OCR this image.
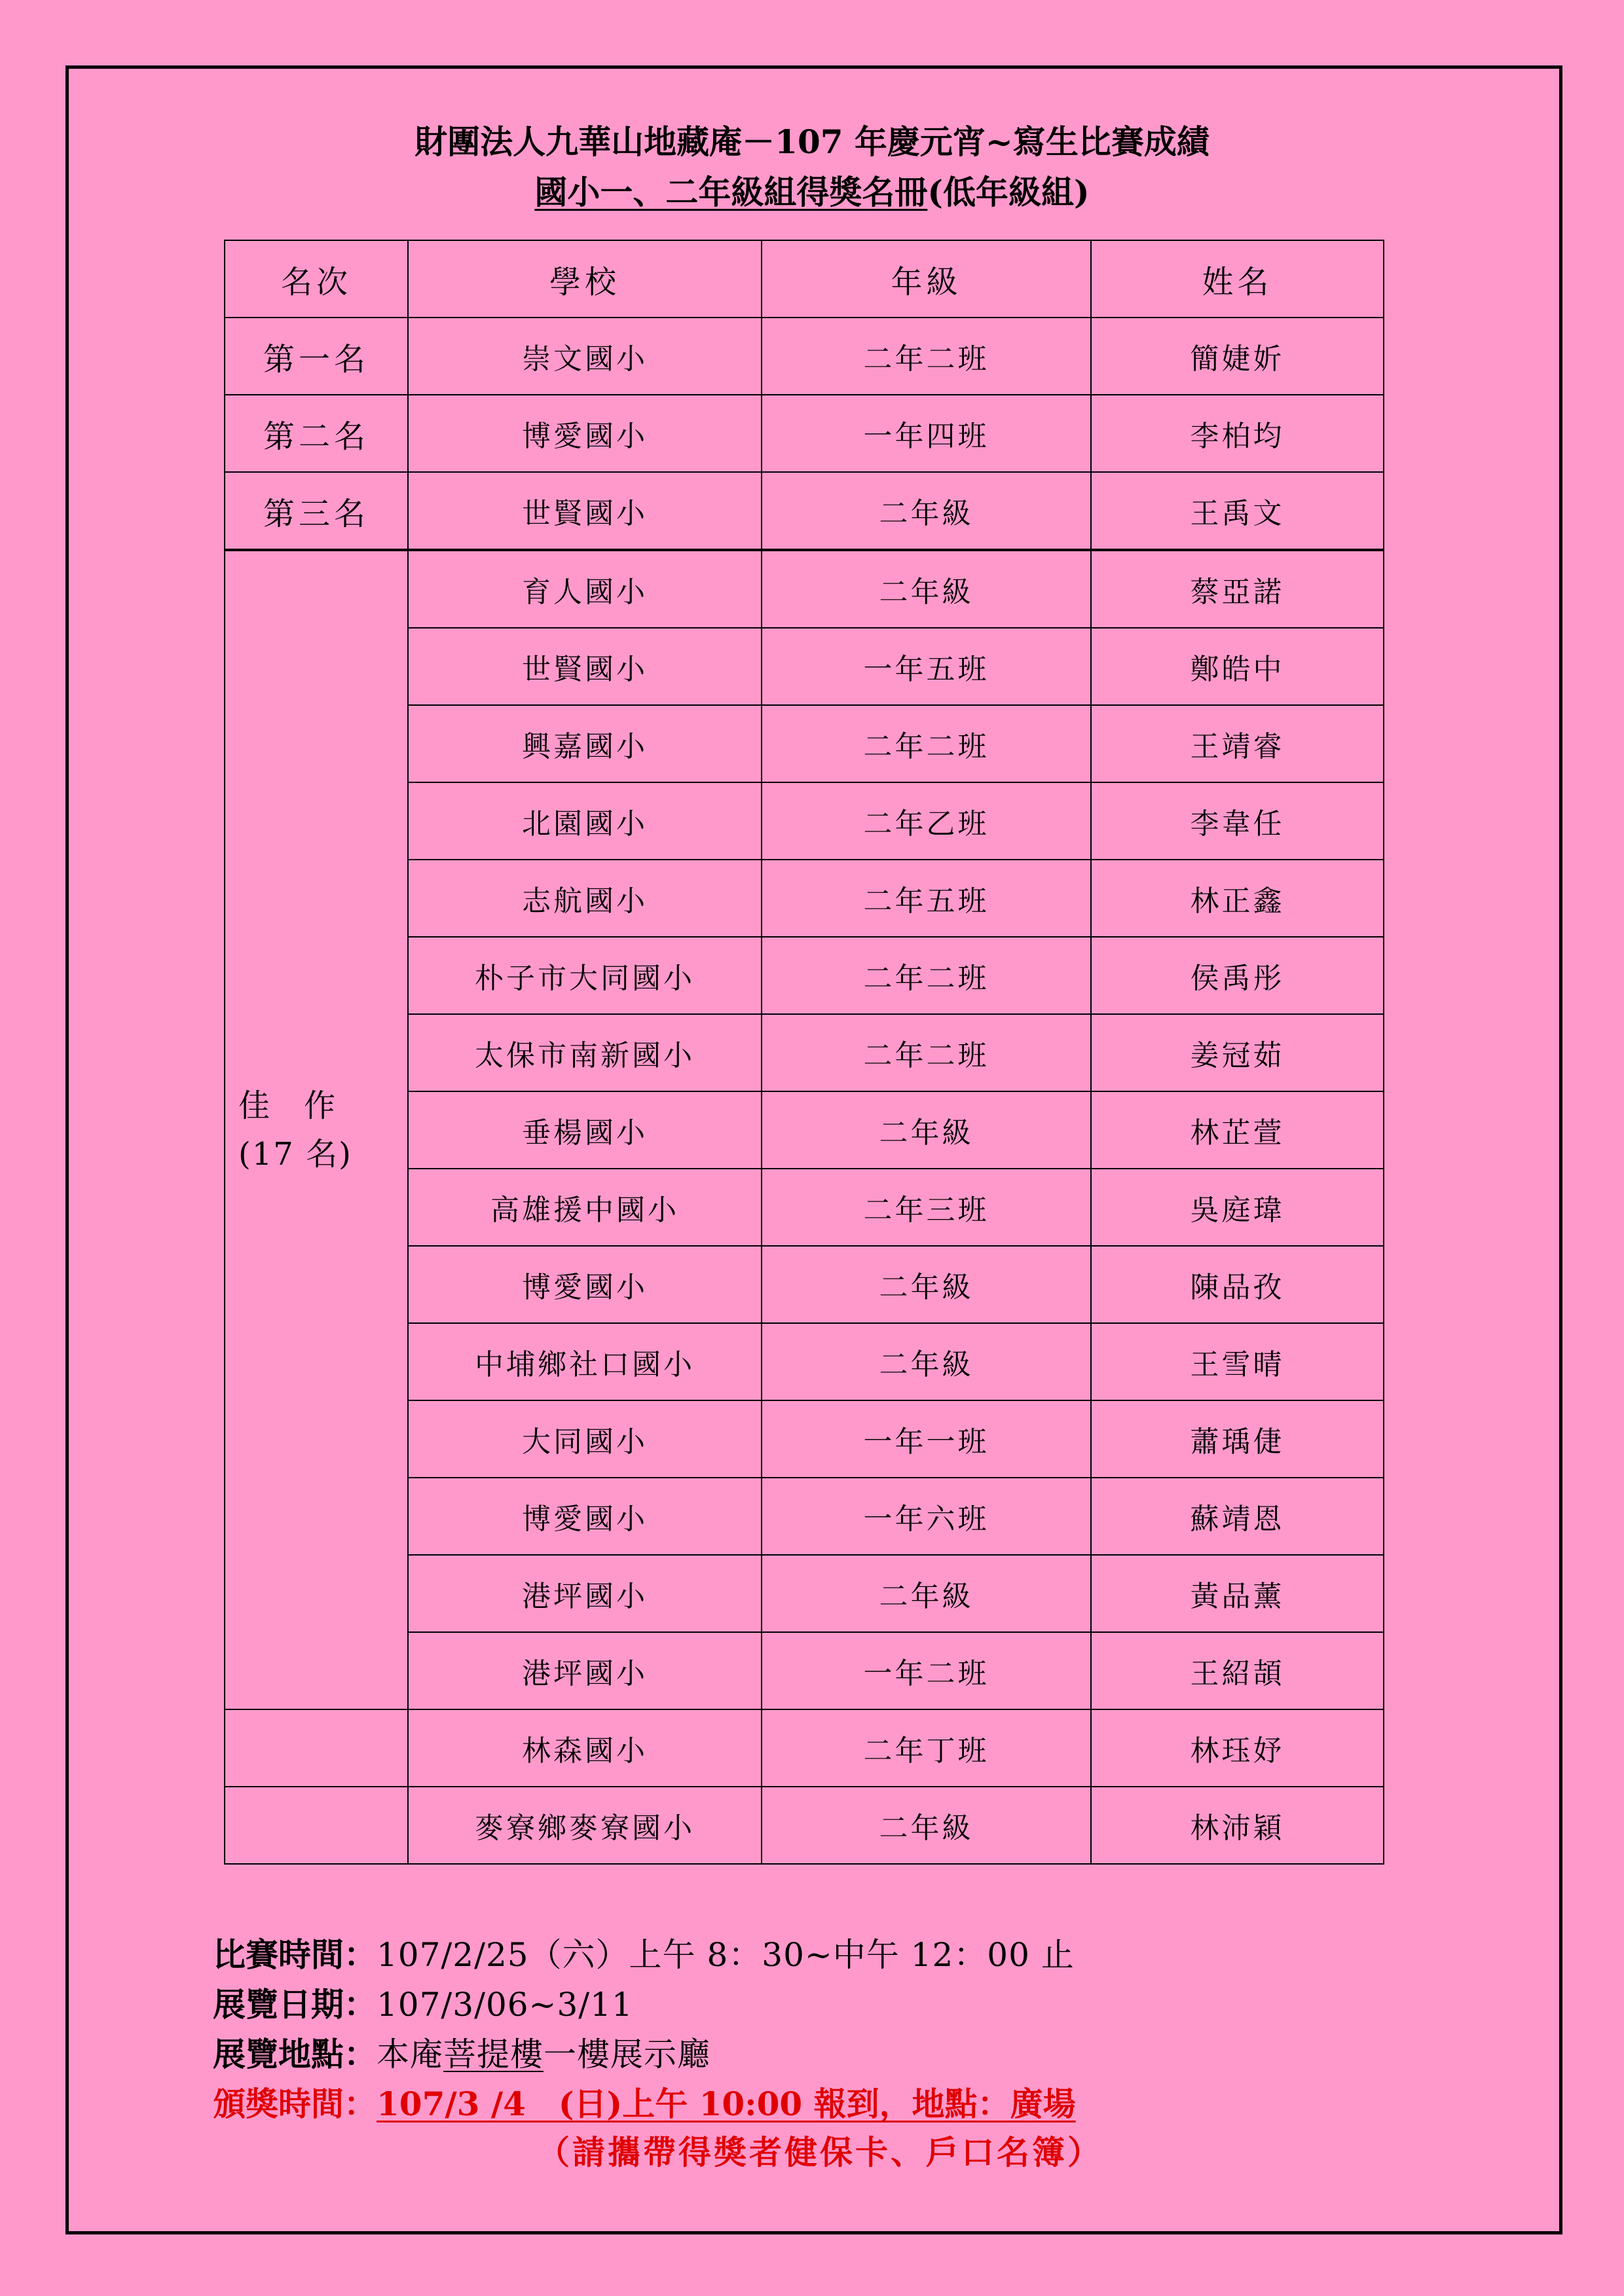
財團法人九華山地藏庵－107 年慶元宵~寫生比賽成績
國小一、二年級組得獎名冊(低年級組)
名次	學校	年級	姓名
第一名	崇文國小	二年二班	簡婕妡
第二名	博愛國小	一年四班	李柏均
第三名	世賢國小	二年級	王禹文

佳　作
(17 名)	育人國小	二年級	蔡亞諾
	世賢國小	一年五班	鄭皓中
	興嘉國小	二年二班	王靖睿
	北園國小	二年乙班	李韋任
	志航國小	二年五班	林正鑫
	朴子市大同國小	二年二班	侯禹彤
	太保市南新國小	二年二班	姜冠茹
	垂楊國小	二年級	林芷萱
	高雄援中國小	二年三班	吳庭瑋
	博愛國小	二年級	陳品孜
	中埔鄉社口國小	二年級	王雪晴
	大同國小	一年一班	蕭瑀倢
	博愛國小	一年六班	蘇靖恩
	港坪國小	二年級	黃品薰
	港坪國小	一年二班	王紹頡
	林森國小	二年丁班	林珏妤
	麥寮鄉麥寮國小	二年級	林沛穎
比賽時間：107/2/25（六）上午 8：30~中午 12：00 止
展覽日期：107/3/06~3/11
展覽地點：本庵菩提樓一樓展示廳
頒獎時間：107/3 /4　(日)上午 10:00 報到，地點：廣場
（請攜帶得獎者健保卡、戶口名簿）
